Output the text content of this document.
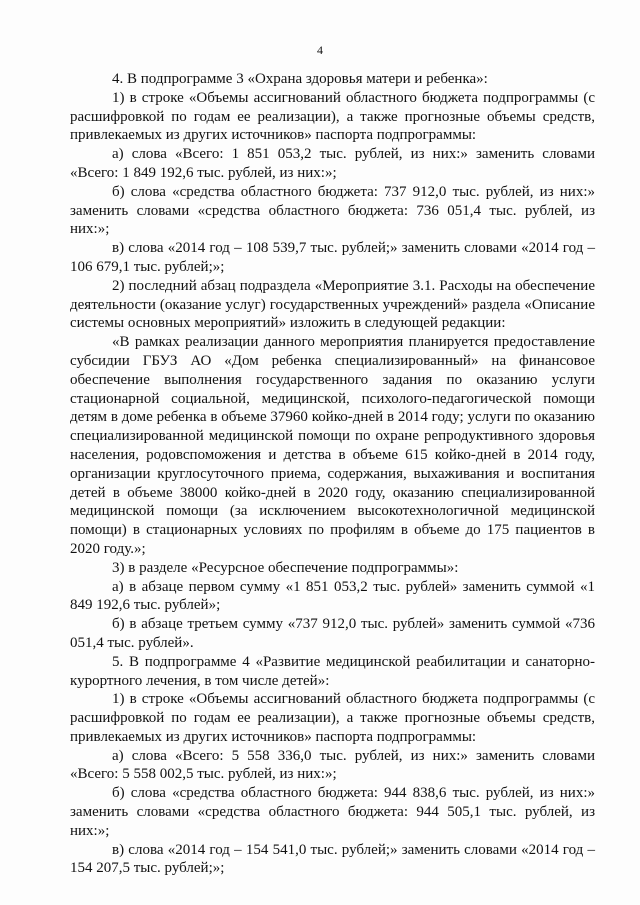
4

4. В подпрограмме 3 «Охрана здоровья матери и ребенка»:

1) в строке «Объемы ассигнований областного бюджета подпрограммы (с расшифровкой по годам ее реализации), а также прогнозные объемы средств, привлекаемых из других источников» паспорта подпрограммы:

а) слова «Всего: 1 851 053,2 тыс. рублей, из них:» заменить словами «Всего: 1 849 192,6 тыс. рублей, из них:»;

б) слова «средства областного бюджета: 737 912,0 тыс. рублей, из них:» заменить словами «средства областного бюджета: 736 051,4 тыс. рублей, из них:»;

в) слова «2014 год – 108 539,7 тыс. рублей;» заменить словами «2014 год – 106 679,1 тыс. рублей;»;

2) последний абзац подраздела «Мероприятие 3.1. Расходы на обеспечение деятельности (оказание услуг) государственных учреждений» раздела «Описание системы основных мероприятий» изложить в следующей редакции:

«В рамках реализации данного мероприятия планируется предоставление субсидии ГБУЗ АО «Дом ребенка специализированный» на финансовое обеспечение выполнения государственного задания по оказанию услуги стационарной социальной, медицинской, психолого-педагогической помощи детям в доме ребенка в объеме 37960 койко-дней в 2014 году; услуги по оказанию специализированной медицинской помощи по охране репродуктивного здоровья населения, родовспоможения и детства в объеме 615 койко-дней в 2014 году, организации круглосуточного приема, содержания, выхаживания и воспитания детей в объеме 38000 койко-дней в 2020 году, оказанию специализированной медицинской помощи (за исключением высокотехнологичной медицинской помощи) в стационарных условиях по профилям в объеме до 175 пациентов в 2020 году.»;

3) в разделе «Ресурсное обеспечение подпрограммы»:

а) в абзаце первом сумму «1 851 053,2 тыс. рублей» заменить суммой «1 849 192,6 тыс. рублей»;

б) в абзаце третьем сумму «737 912,0 тыс. рублей» заменить суммой «736 051,4 тыс. рублей».

5. В подпрограмме 4 «Развитие медицинской реабилитации и санаторно-курортного лечения, в том числе детей»:

1) в строке «Объемы ассигнований областного бюджета подпрограммы (с расшифровкой по годам ее реализации), а также прогнозные объемы средств, привлекаемых из других источников» паспорта подпрограммы:

а) слова «Всего: 5 558 336,0 тыс. рублей, из них:» заменить словами «Всего: 5 558 002,5 тыс. рублей, из них:»;

б) слова «средства областного бюджета: 944 838,6 тыс. рублей, из них:» заменить словами «средства областного бюджета: 944 505,1 тыс. рублей, из них:»;

в) слова «2014 год – 154 541,0 тыс. рублей;» заменить словами «2014 год – 154 207,5 тыс. рублей;»;
